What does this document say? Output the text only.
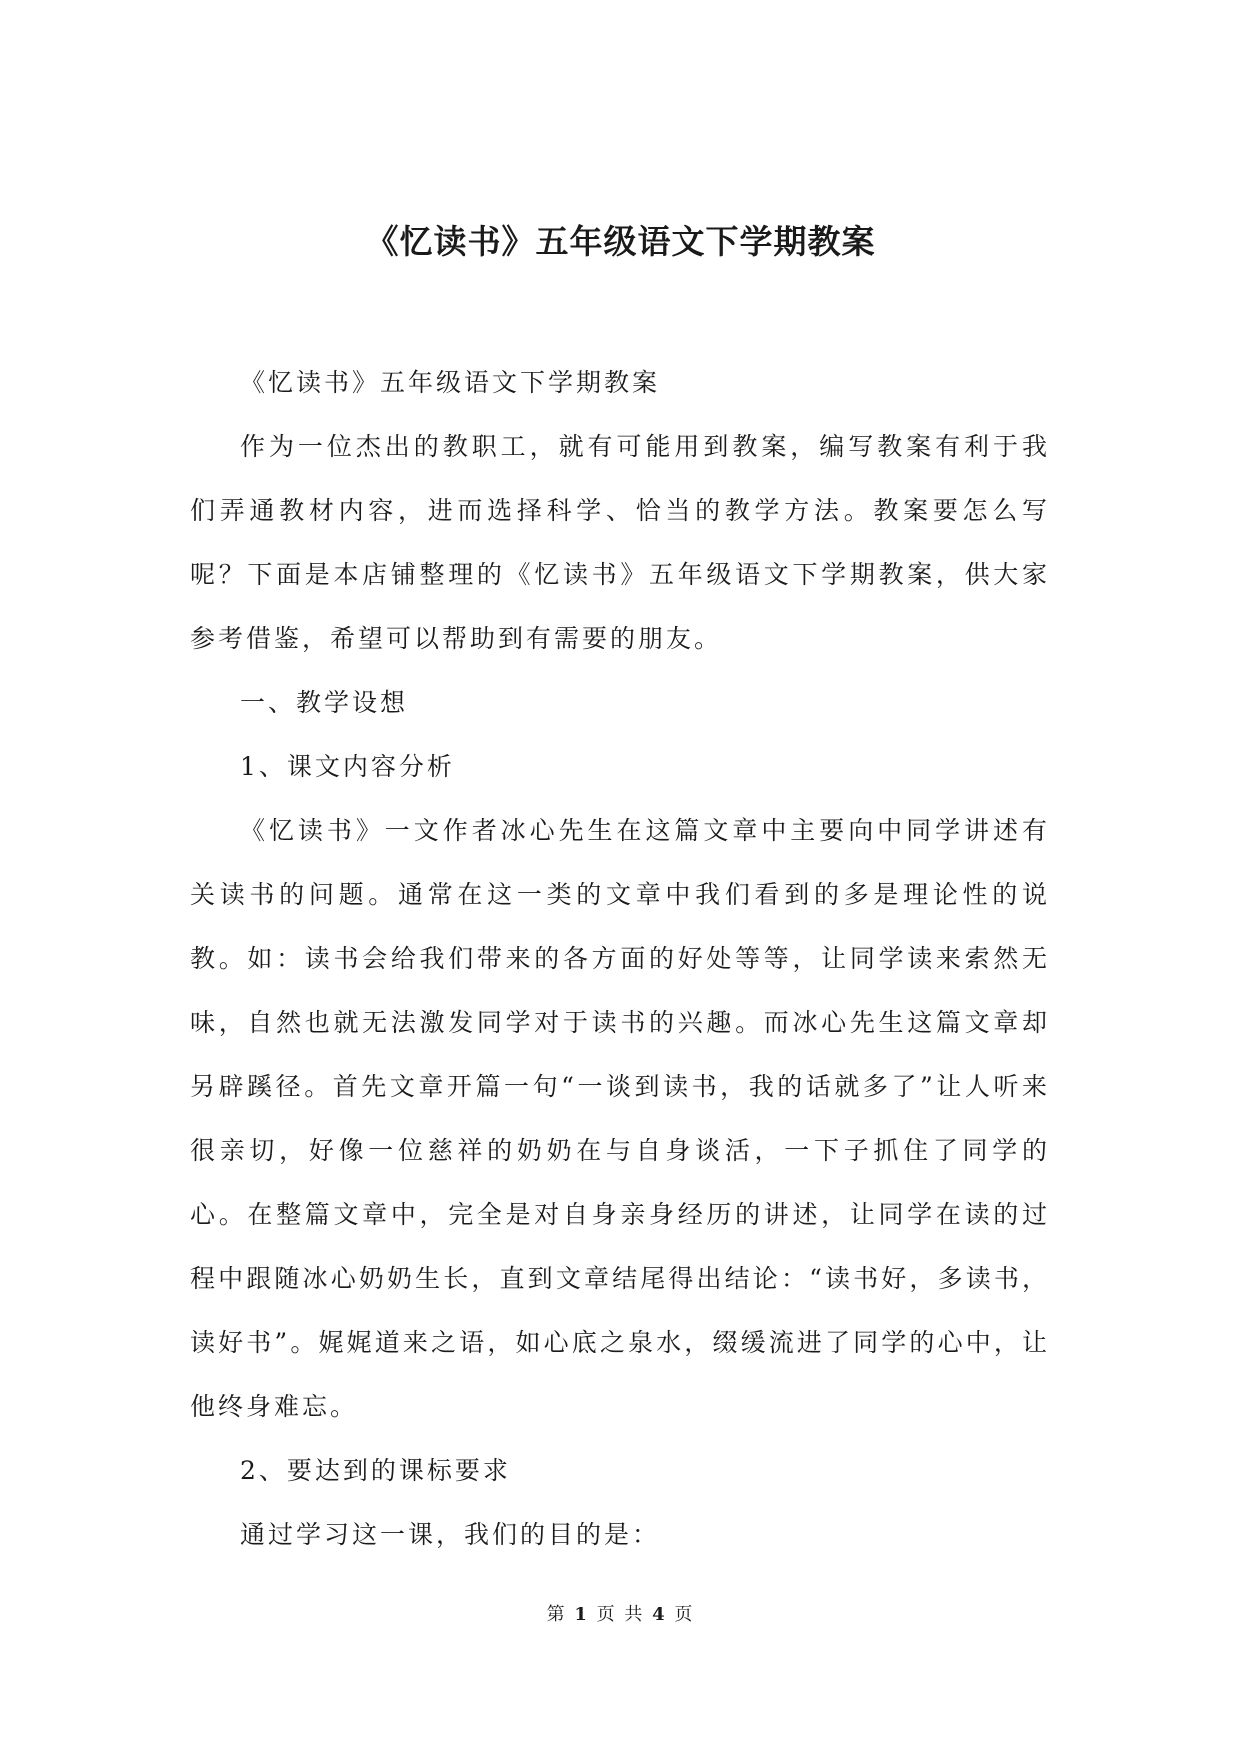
《忆读书》五年级语文下学期教案

《忆读书》五年级语文下学期教案

作为一位杰出的教职工，就有可能用到教案，编写教案有利于我们弄通教材内容，进而选择科学、恰当的教学方法。教案要怎么写呢？下面是本店铺整理的《忆读书》五年级语文下学期教案，供大家参考借鉴，希望可以帮助到有需要的朋友。

一、教学设想

1、课文内容分析

《忆读书》一文作者冰心先生在这篇文章中主要向中同学讲述有关读书的问题。通常在这一类的文章中我们看到的多是理论性的说教。如：读书会给我们带来的各方面的好处等等，让同学读来索然无味，自然也就无法激发同学对于读书的兴趣。而冰心先生这篇文章却另辟蹊径。首先文章开篇一句“一谈到读书，我的话就多了”让人听来很亲切，好像一位慈祥的奶奶在与自身谈活，一下子抓住了同学的心。在整篇文章中，完全是对自身亲身经历的讲述，让同学在读的过程中跟随冰心奶奶生长，直到文章结尾得出结论：“读书好，多读书，读好书”。娓娓道来之语，如心底之泉水，缀缓流进了同学的心中，让他终身难忘。

2、要达到的课标要求

通过学习这一课，我们的目的是：

第 1 页 共 4 页
